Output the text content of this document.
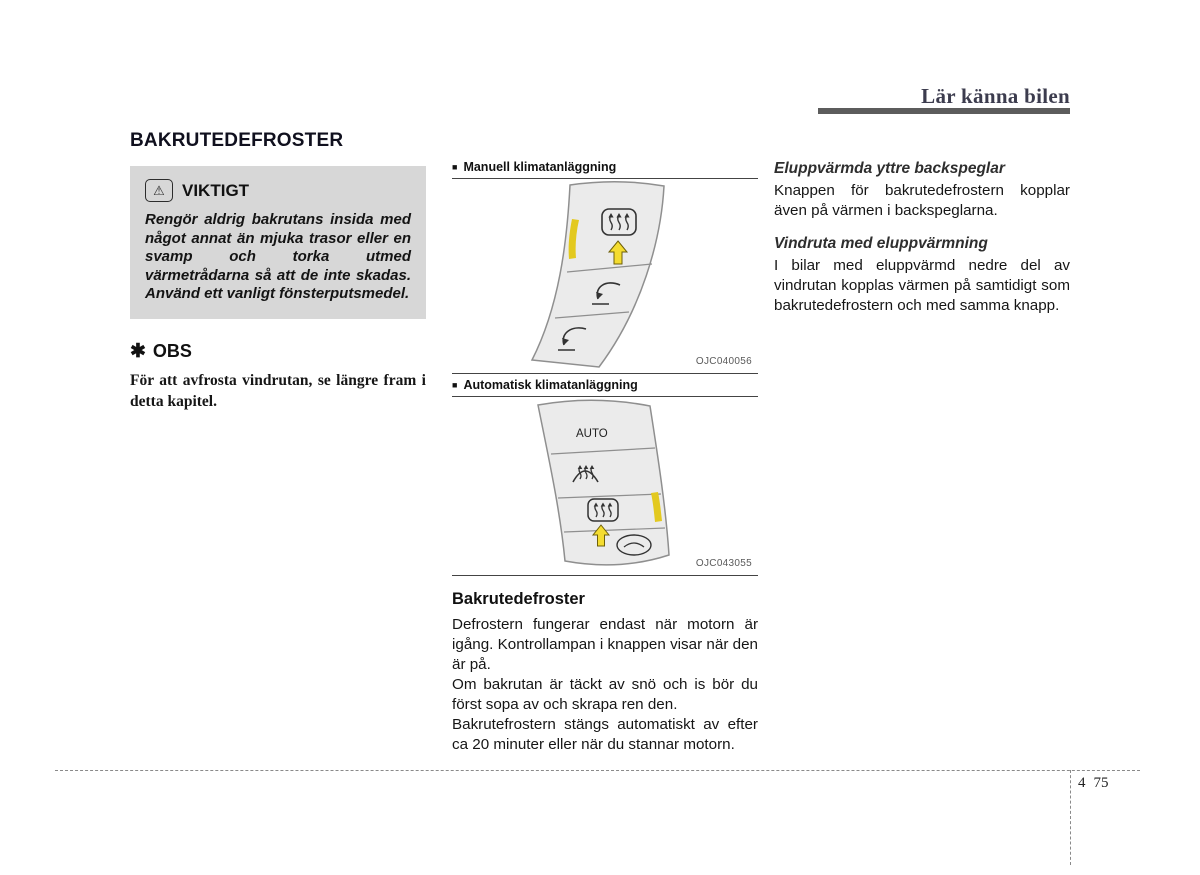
Lär känna bilen
BAKRUTEDEFROSTER
⚠	VIKTIGT

Rengör aldrig bakrutans insida med något annat än mjuka trasor eller en svamp och torka utmed värmetrådarna så att de inte skadas. Använd ett vanligt fönsterputsmedel.

✱ OBS

För att avfrosta vindrutan, se längre fram i detta kapitel.

■ Manuell klimatanläggning
OJC040056
■ Automatisk klimatanläggning
AUTO
OJC043055
Bakrutedefroster

Defrostern fungerar endast när motorn är igång. Kontrollampan i knappen visar när den är på.

Om bakrutan är täckt av snö och is bör du först sopa av och skrapa ren den.

Bakrutefrostern stängs automatiskt av efter ca 20 minuter eller när du stannar motorn.

Eluppvärmda yttre backspeglar

Knappen för bakrutedefrostern kopplar även på värmen i backspeglarna.

Vindruta med eluppvärmning

I bilar med eluppvärmd nedre del av vindrutan kopplas värmen på samtidigt som bakrutedefrostern och med samma knapp.

4 75
